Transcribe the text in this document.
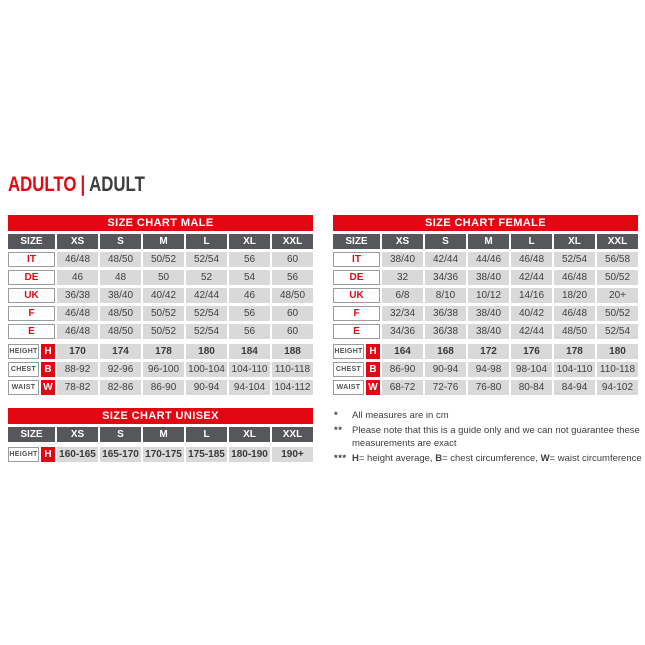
ADULTO | ADULT
SIZE CHART MALE
SIZE	XS	S	M	L	XL	XXL
IT	46/48	48/50	50/52	52/54	56	60
DE	46	48	50	52	54	56
UK	36/38	38/40	40/42	42/44	46	48/50
F	46/48	48/50	50/52	52/54	56	60
E	46/48	48/50	50/52	52/54	56	60
HEIGHT H	170	174	178	180	184	188
CHEST B	88-92	92-96	96-100 100-104 104-110 110-118
WAIST W	78-82	82-86	86-90	90-94	94-104 104-112
SIZE CHART FEMALE
SIZE	XS	S	M	L	XL	XXL
IT	38/40	42/44	44/46	46/48	52/54	56/58
DE	32	34/36	38/40	42/44	46/48	50/52
UK	6/8	8/10	10/12	14/16	18/20	20+
F	32/34	36/38	38/40	40/42	46/48	50/52
E	34/36	36/38	38/40	42/44	48/50	52/54
HEIGHT H	164	168	172	176	178	180
CHEST B	86-90	90-94	94-98	98-104 104-110 110-118
WAIST W	68-72	72-76	76-80	80-84	84-94	94-102
SIZE CHART UNISEX
SIZE	XS	S	M	L	XL	XXL
HEIGHT H 160-165 165-170 170-175 175-185 180-190	190+
*	All measures are in cm
**	Please note that this is a guide only and we can not guarantee these measurements are exact
*** H= height average, B= chest circumference, W= waist circumference
